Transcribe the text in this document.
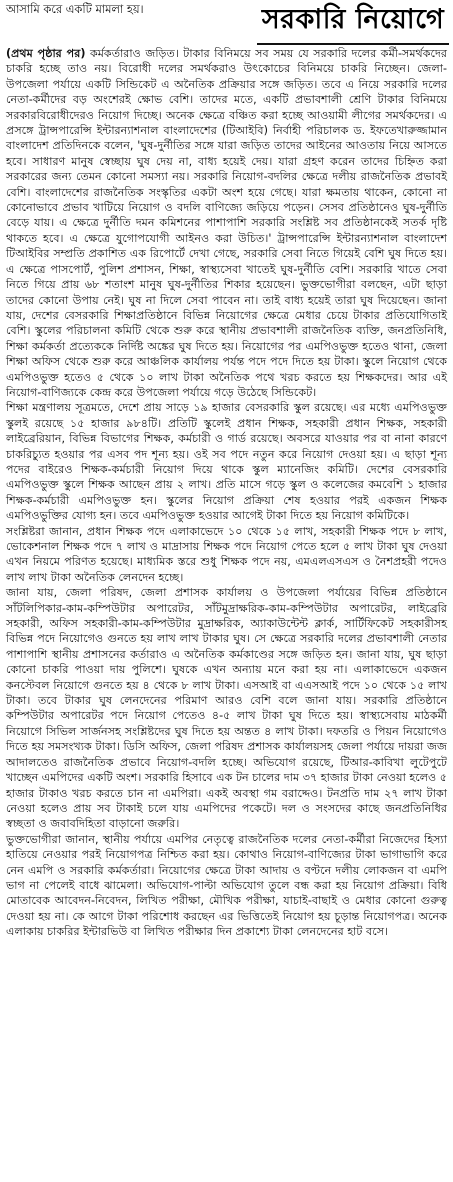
আসামি করে একটি মামলা হয়।	সরকারি নিয়োগে

(প্রথম পৃষ্ঠার পর) কর্মকর্তারাও জড়িত। টাকার বিনিময়ে সব সময় যে সরকারি দলের কর্মী-সমর্থকদের চাকরি হচ্ছে তাও নয়। বিরোধী দলের সমর্থকরাও উৎকোচের বিনিময়ে চাকরি নিচ্ছেন। জেলা-উপজেলা পর্যায়ে একটি সিন্ডিকেট এ অনৈতিক প্রক্রিয়ার সঙ্গে জড়িত। তবে এ নিয়ে সরকারি দলের নেতা-কর্মীদের বড় অংশেরই ক্ষোভ বেশি। তাদের মতে, একটি প্রভাবশালী শ্রেণি টাকার বিনিময়ে সরকারবিরোধীদেরও নিয়োগ দিচ্ছে। অনেক ক্ষেত্রে বঞ্চিত করা হচ্ছে আওয়ামী লীগের সমর্থকদের। এ প্রসঙ্গে ট্রান্সপারেন্সি ইন্টারন্যাশনাল বাংলাদেশের (টিআইবি) নির্বাহী পরিচালক ড. ইফতেখারুজ্জামান বাংলাদেশ প্রতিদিনকে বলেন, 'ঘুষ-দুর্নীতির সঙ্গে যারা জড়িত তাদের আইনের আওতায় নিয়ে আসতে হবে। সাধারণ মানুষ স্বেচ্ছায় ঘুষ দেয় না, বাধ্য হয়েই দেয়। যারা গ্রহণ করেন তাদের চিহ্নিত করা সরকারের জন্য তেমন কোনো সমস্যা নয়। সরকারি নিয়োগ-বদলির ক্ষেত্রে দলীয় রাজনৈতিক প্রভাবই বেশি। বাংলাদেশের রাজনৈতিক সংস্কৃতির একটা অংশ হয়ে গেছে। যারা ক্ষমতায় থাকেন, কোনো না কোনোভাবে প্রভাব খাটিয়ে নিয়োগ ও বদলি বাণিজ্যে জড়িয়ে পড়েন। সেসব প্রতিষ্ঠানেও ঘুষ-দুর্নীতি বেড়ে যায়। এ ক্ষেত্রে দুর্নীতি দমন কমিশনের পাশাপাশি সরকারি সংশ্লিষ্ট সব প্রতিষ্ঠানকেই সতর্ক দৃষ্টি থাকতে হবে। এ ক্ষেত্রে যুগোপযোগী আইনও করা উচিত।' ট্রান্সপারেন্সি ইন্টারন্যাশনাল বাংলাদেশ টিআইবির সম্প্রতি প্রকাশিত এক রিপোর্টে দেখা গেছে, সরকারি সেবা নিতে গিয়েই বেশি ঘুষ দিতে হয়। এ ক্ষেত্রে পাসপোর্ট, পুলিশ প্রশাসন, শিক্ষা, স্বাস্থ্যসেবা খাতেই ঘুষ-দুর্নীতি বেশি। সরকারি খাতে সেবা নিতে গিয়ে প্রায় ৬৮ শতাংশ মানুষ ঘুষ-দুর্নীতির শিকার হয়েছেন। ভুক্তভোগীরা বলছেন, এটা ছাড়া তাদের কোনো উপায় নেই। ঘুষ না দিলে সেবা পাবেন না। তাই বাধ্য হয়েই তারা ঘুষ দিয়েছেন। জানা যায়, দেশের বেসরকারি শিক্ষাপ্রতিষ্ঠানে বিভিন্ন নিয়োগের ক্ষেত্রে মেধার চেয়ে টাকার প্রতিযোগিতাই বেশি। স্কুলের পরিচালনা কমিটি থেকে শুরু করে স্থানীয় প্রভাবশালী রাজনৈতিক ব্যক্তি, জনপ্রতিনিধি, শিক্ষা কর্মকর্তা প্রত্যেককে নির্দিষ্ট অঙ্কের ঘুষ দিতে হয়। নিয়োগের পর এমপিওভুক্ত হতেও থানা, জেলা শিক্ষা অফিস থেকে শুরু করে আঞ্চলিক কার্যালয় পর্যন্ত পদে পদে দিতে হয় টাকা। স্কুলে নিয়োগ থেকে এমপিওভুক্ত হতেও ৫ থেকে ১০ লাখ টাকা অনৈতিক পথে খরচ করতে হয় শিক্ষকদের। আর এই নিয়োগ-বাণিজ্যকে কেন্দ্র করে উপজেলা পর্যায়ে গড়ে উঠেছে সিন্ডিকেট।

শিক্ষা মন্ত্রণালয় সূত্রমতে, দেশে প্রায় সাড়ে ১৯ হাজার বেসরকারি স্কুল রয়েছে। এর মধ্যে এমপিওভুক্ত স্কুলই রয়েছে ১৫ হাজার ৯৮৪টি। প্রতিটি স্কুলেই প্রধান শিক্ষক, সহকারী প্রধান শিক্ষক, সহকারী লাইব্রেরিয়ান, বিভিন্ন বিভাগের শিক্ষক, কর্মচারী ও গার্ড রয়েছে। অবসরে যাওয়ার পর বা নানা কারণে চাকরিচ্যুত হওয়ার পর এসব পদ শূন্য হয়। ওই সব পদে নতুন করে নিয়োগ দেওয়া হয়। এ ছাড়া শূন্য পদের বাইরেও শিক্ষক-কর্মচারী নিয়োগ দিয়ে থাকে স্কুল ম্যানেজিং কমিটি। দেশের বেসরকারি এমপিওভুক্ত স্কুলে শিক্ষক আছেন প্রায় ২ লাখ। প্রতি মাসে গড়ে স্কুল ও কলেজের কমবেশি ১ হাজার শিক্ষক-কর্মচারী এমপিওভুক্ত হন। স্কুলের নিয়োগ প্রক্রিয়া শেষ হওয়ার পরই একজন শিক্ষক এমপিওভুক্তির যোগ্য হন। তবে এমপিওভুক্ত হওয়ার আগেই টাকা দিতে হয় নিয়োগ কমিটিকে।

সংশ্লিষ্টরা জানান, প্রধান শিক্ষক পদে এলাকাভেদে ১০ থেকে ১৫ লাখ, সহকারী শিক্ষক পদে ৮ লাখ, ভোকেশনাল শিক্ষক পদে ৭ লাখ ও মাদ্রাসায় শিক্ষক পদে নিয়োগ পেতে হলে ৫ লাখ টাকা ঘুষ দেওয়া এখন নিয়মে পরিণত হয়েছে। মাধ্যমিক স্তরে শুধু শিক্ষক পদে নয়, এমএলএসএস ও নৈশপ্রহরী পদেও লাখ লাখ টাকা অনৈতিক লেনদেন হচ্ছে।

জানা যায়, জেলা পরিষদ, জেলা প্রশাসক কার্যালয় ও উপজেলা পর্যায়ের বিভিন্ন প্রতিষ্ঠানে সাঁটলিপিকার-কাম-কম্পিউটার অপারেটর, সাঁটমুদ্রাক্ষরিক-কাম-কম্পিউটার অপারেটর, লাইব্রেরি সহকারী, অফিস সহকারী-কাম-কম্পিউটার মুদ্রাক্ষরিক, অ্যাকাউন্টেন্ট ক্লার্ক, সার্টিফিকেট সহকারীসহ বিভিন্ন পদে নিয়োগেও গুনতে হয় লাখ লাখ টাকার ঘুষ। সে ক্ষেত্রে সরকারি দলের প্রভাবশালী নেতার পাশাপাশি স্থানীয় প্রশাসনের কর্তারাও এ অনৈতিক কর্মকাণ্ডের সঙ্গে জড়িত হন। জানা যায়, ঘুষ ছাড়া কোনো চাকরি পাওয়া দায় পুলিশে। ঘুষকে এখন অন্যায় মনে করা হয় না। এলাকাভেদে একজন কনস্টেবল নিয়োগে গুনতে হয় ৪ থেকে ৮ লাখ টাকা। এসআই বা এএসআই পদে ১০ থেকে ১৫ লাখ টাকা। তবে টাকার ঘুষ লেনদেনের পরিমাণ আরও বেশি বলে জানা যায়। সরকারি প্রতিষ্ঠানে কম্পিউটার অপারেটর পদে নিয়োগ পেতেও ৪-৫ লাখ টাকা ঘুষ দিতে হয়। স্বাস্থ্যসেবায় মাঠকর্মী নিয়োগে সিভিল সার্জনসহ সংশ্লিষ্টদের ঘুষ দিতে হয় অন্তত ৪ লাখ টাকা। দফতরি ও পিয়ন নিয়োগেও দিতে হয় সমসংখ্যক টাকা। ডিসি অফিস, জেলা পরিষদ প্রশাসক কার্যালয়সহ জেলা পর্যায়ে দায়রা জজ আদালতেও রাজনৈতিক প্রভাবে নিয়োগ-বদলি হচ্ছে। অভিযোগ রয়েছে, টিআর-কাবিখা লুটেপুটে খাচ্ছেন এমপিদের একটি অংশ। সরকারি হিসাবে এক টন চালের দাম ৩৭ হাজার টাকা নেওয়া হলেও ৫ হাজার টাকাও খরচ করতে চান না এমপিরা। একই অবস্থা গম বরাদ্দেও। টনপ্রতি দাম ২৭ লাখ টাকা নেওয়া হলেও প্রায় সব টাকাই চলে যায় এমপিদের পকেটে। দল ও সংসদের কাছে জনপ্রতিনিধির স্বচ্ছতা ও জবাবদিহিতা বাড়ানো জরুরি।

ভুক্তভোগীরা জানান, স্থানীয় পর্যায়ে এমপির নেতৃত্বে রাজনৈতিক দলের নেতা-কর্মীরা নিজেদের হিস্যা হাতিয়ে নেওয়ার পরই নিয়োগপত্র নিশ্চিত করা হয়। কোথাও নিয়োগ-বাণিজ্যের টাকা ভাগাভাগি করে নেন এমপি ও সরকারি কর্মকর্তারা। নিয়োগের ক্ষেত্রে টাকা আদায় ও বণ্টনে দলীয় লোকজন বা এমপি ভাগ না পেলেই বাধে ঝামেলা। অভিযোগ-পাল্টা অভিযোগ তুলে বন্ধ করা হয় নিয়োগ প্রক্রিয়া। বিধি মোতাবেক আবেদন-নিবেদন, লিখিত পরীক্ষা, মৌখিক পরীক্ষা, যাচাই-বাছাই ও মেধার কোনো গুরুত্ব দেওয়া হয় না। কে আগে টাকা পরিশোধ করছেন এর ভিত্তিতেই নিয়োগ হয় চূড়ান্ত নিয়োগপত্র। অনেক এলাকায় চাকরির ইন্টারভিউ বা লিখিত পরীক্ষার দিন প্রকাশ্যে টাকা লেনদেনের হাট বসে।
